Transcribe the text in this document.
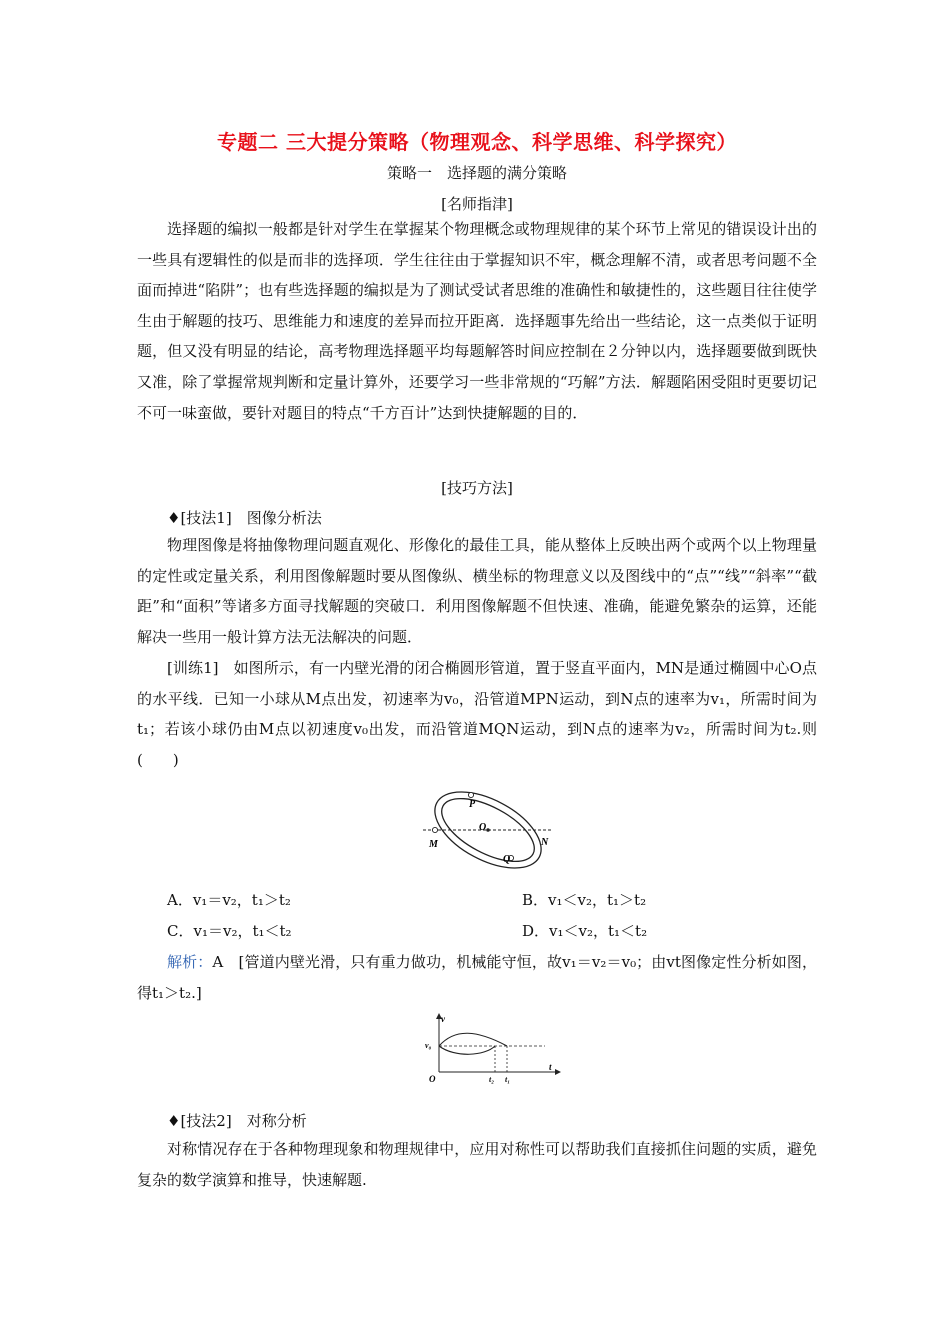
专题二 三大提分策略（物理观念、科学思维、科学探究）
策略一　选择题的满分策略
[名师指津]

选择题的编拟一般都是针对学生在掌握某个物理概念或物理规律的某个环节上常见的错误设计出的一些具有逻辑性的似是而非的选择项．学生往往由于掌握知识不牢，概念理解不清，或者思考问题不全面而掉进“陷阱”；也有些选择题的编拟是为了测试受试者思维的准确性和敏捷性的，这些题目往往使学生由于解题的技巧、思维能力和速度的差异而拉开距离．选择题事先给出一些结论，这一点类似于证明题，但又没有明显的结论，高考物理选择题平均每题解答时间应控制在２分钟以内，选择题要做到既快又准，除了掌握常规判断和定量计算外，还要学习一些非常规的“巧解”方法．解题陷困受阻时更要切记不可一味蛮做，要针对题目的特点“千方百计”达到快捷解题的目的．

[技巧方法]
♦[技法1]　图像分析法

物理图像是将抽像物理问题直观化、形像化的最佳工具，能从整体上反映出两个或两个以上物理量的定性或定量关系，利用图像解题时要从图像纵、横坐标的物理意义以及图线中的“点”“线”“斜率”“截距”和“面积”等诸多方面寻找解题的突破口．利用图像解题不但快速、准确，能避免繁杂的运算，还能解决一些用一般计算方法无法解决的问题．

[训练1]　如图所示，有一内壁光滑的闭合椭圆形管道，置于竖直平面内，MN是通过椭圆中心O点的水平线．已知一小球从M点出发，初速率为v₀，沿管道MPN运动，到N点的速率为v₁，所需时间为t₁；若该小球仍由M点以初速度v₀出发，而沿管道MQN运动，到N点的速率为v₂，所需时间为t₂.则(　　)

P
O
M	N
Q
A．v₁＝v₂，t₁＞t₂	B．v₁＜v₂，t₁＞t₂
C．v₁＝v₂，t₁＜t₂	D．v₁＜v₂，t₁＜t₂

解析：A　[管道内壁光滑，只有重力做功，机械能守恒，故v₁＝v₂＝v₀；由vt图像定性分析如图，得t₁＞t₂.]

v
v₀
O	t₂ t₁
t
♦[技法2]　对称分析

对称情况存在于各种物理现象和物理规律中，应用对称性可以帮助我们直接抓住问题的实质，避免复杂的数学演算和推导，快速解题.
